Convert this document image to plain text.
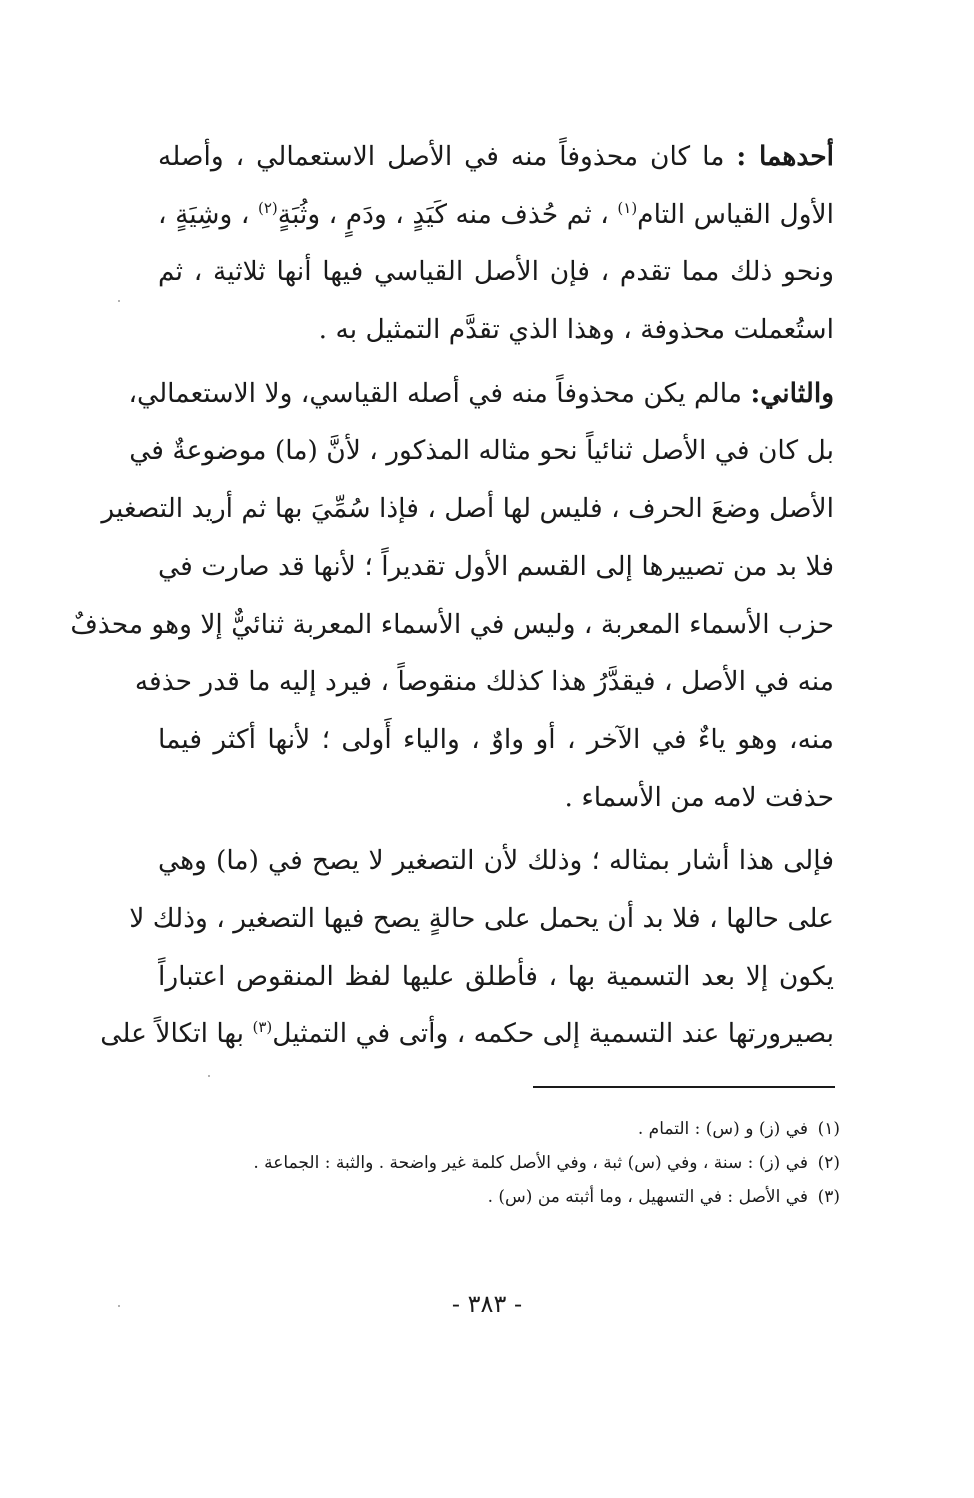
أحدهما : ما كان محذوفاً منه في الأصل الاستعمالي ، وأصله
الأول القياس التام$^{(١)}$ ، ثم حُذف منه كَيَدٍ ، ودَمٍ ، وثُبَةٍ$^{(٢)}$ ، وشِيَةٍ ،
ونحو ذلك مما تقدم ، فإن الأصل القياسي فيها أنها ثلاثية ، ثم
استُعملت محذوفة ، وهذا الذي تقدَّم التمثيل به .
والثاني: مالم يكن محذوفاً منه في أصله القياسي، ولا الاستعمالي،
بل كان في الأصل ثنائياً نحو مثاله المذكور ، لأنَّ (ما) موضوعةٌ في
الأصل وضعَ الحرف ، فليس لها أصل ، فإذا سُمِّيَ بها ثم أريد التصغير
فلا بد من تصييرها إلى القسم الأول تقديراً ؛ لأنها قد صارت في
حزب الأسماء المعربة ، وليس في الأسماء المعربة ثنائيٌّ إلا وهو محذفٌ
منه في الأصل ، فيقدَّرُ هذا كذلك منقوصاً ، فيرد إليه ما قدر حذفه
منه، وهو ياءٌ في الآخر ، أو واوٌ ، والياء أَولى ؛ لأنها أكثر فيما
حذفت لامه من الأسماء .
فإلى هذا أشار بمثاله ؛ وذلك لأن التصغير لا يصح في (ما) وهي
على حالها ، فلا بد أن يحمل على حالةٍ يصح فيها التصغير ، وذلك لا
يكون إلا بعد التسمية بها ، فأطلق عليها لفظ المنقوص اعتباراً
بصيرورتها عند التسمية إلى حكمه ، وأتى في التمثيل$^{(٣)}$ بها اتكالاً على
(١)في (ز) و (س) : التمام .
(٢)في (ز) : سنة ، وفي (س) ثبة ، وفي الأصل كلمة غير واضحة . والثبة : الجماعة .
(٣)في الأصل : في التسهيل ، وما أثبته من (س) .
- ٣٨٣ -
